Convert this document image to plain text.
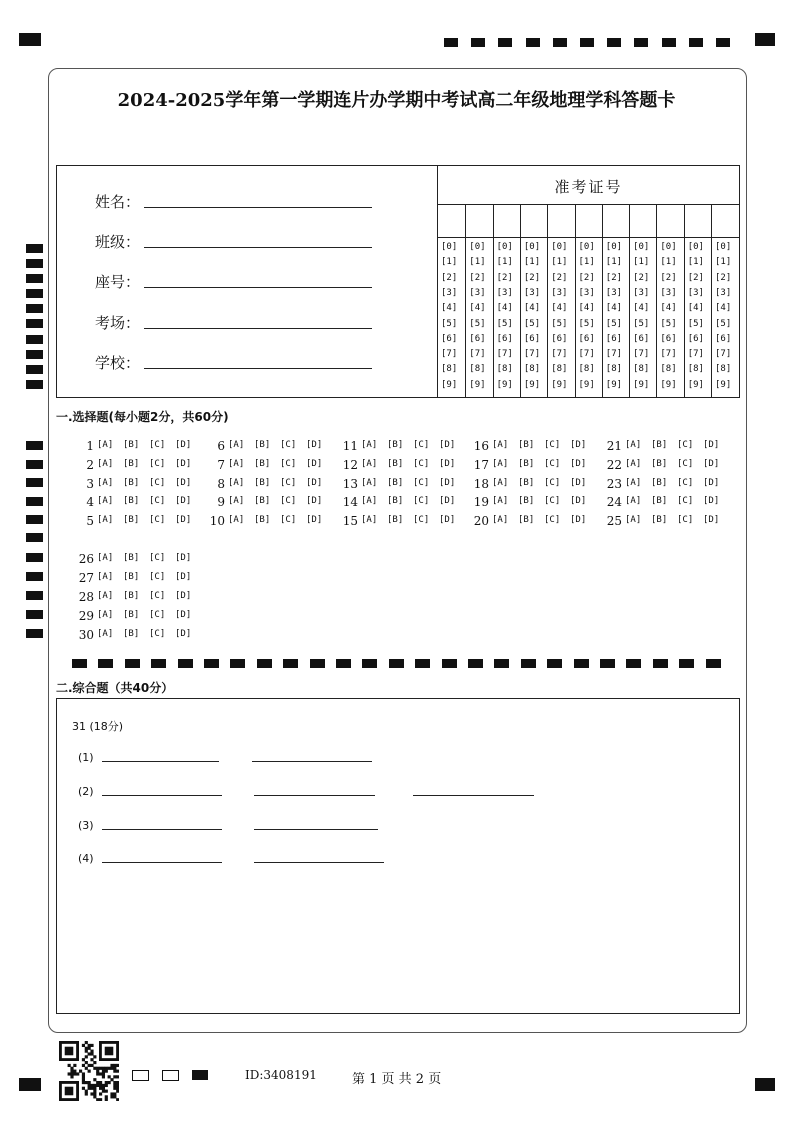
2024-2025学年第一学期连片办学期中考试高二年级地理学科答题卡
姓名：
班级：
座号：
考场：
学校：
准考证号
[0]
[1]
[2]
[3]
[4]
[5]
[6]
[7]
[8]
[9]
[0]
[1]
[2]
[3]
[4]
[5]
[6]
[7]
[8]
[9]
[0]
[1]
[2]
[3]
[4]
[5]
[6]
[7]
[8]
[9]
[0]
[1]
[2]
[3]
[4]
[5]
[6]
[7]
[8]
[9]
[0]
[1]
[2]
[3]
[4]
[5]
[6]
[7]
[8]
[9]
[0]
[1]
[2]
[3]
[4]
[5]
[6]
[7]
[8]
[9]
[0]
[1]
[2]
[3]
[4]
[5]
[6]
[7]
[8]
[9]
[0]
[1]
[2]
[3]
[4]
[5]
[6]
[7]
[8]
[9]
[0]
[1]
[2]
[3]
[4]
[5]
[6]
[7]
[8]
[9]
[0]
[1]
[2]
[3]
[4]
[5]
[6]
[7]
[8]
[9]
[0]
[1]
[2]
[3]
[4]
[5]
[6]
[7]
[8]
[9]
一.选择题(每小题2分，共60分)
1 [A] [B] [C] [D]
2 [A] [B] [C] [D]
3 [A] [B] [C] [D]
4 [A] [B] [C] [D]
5 [A] [B] [C] [D]
6 [A] [B] [C] [D]
7 [A] [B] [C] [D]
8 [A] [B] [C] [D]
9 [A] [B] [C] [D]
10 [A] [B] [C] [D]
11 [A] [B] [C] [D]
12 [A] [B] [C] [D]
13 [A] [B] [C] [D]
14 [A] [B] [C] [D]
15 [A] [B] [C] [D]
16 [A] [B] [C] [D]
17 [A] [B] [C] [D]
18 [A] [B] [C] [D]
19 [A] [B] [C] [D]
20 [A] [B] [C] [D]
21 [A] [B] [C] [D]
22 [A] [B] [C] [D]
23 [A] [B] [C] [D]
24 [A] [B] [C] [D]
25 [A] [B] [C] [D]
26 [A] [B] [C] [D]
27 [A] [B] [C] [D]
28 [A] [B] [C] [D]
29 [A] [B] [C] [D]
30 [A] [B] [C] [D]
二.综合题（共40分）
31 (18分)
(1)
(2)
(3)
(4)
ID:3408191	第 1 页 共 2 页
